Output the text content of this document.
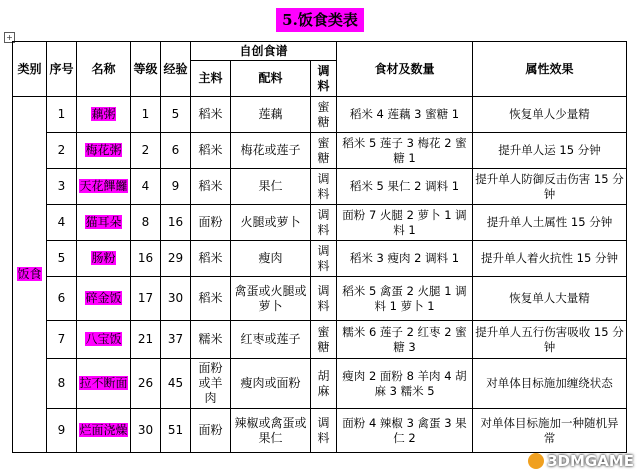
+
5.饭食类表
类别	序号	名称	等级	经验	自创食谱			食材及数量	属性效果
					主料	配料	调料		
饭食	1	藕粥	1	5	稻米	莲藕	蜜糖	稻米 4 莲藕 3 蜜糖 1	恢复单人少量精
	2	梅花粥	2	6	稻米	梅花或莲子	蜜糖	稻米 5 莲子 3 梅花 2 蜜糖 1	提升单人运 15 分钟
	3	天花饆饠	4	9	稻米	果仁	调料	稻米 5 果仁 2 调料 1	提升单人防御反击伤害 15 分钟
	4	猫耳朵	8	16	面粉	火腿或萝卜	调料	面粉 7 火腿 2 萝卜 1 调料 1	提升单人土属性 15 分钟
	5	肠粉	16	29	稻米	瘦肉	调料	稻米 3 瘦肉 2 调料 1	提升单人着火抗性 15 分钟
	6	碎金饭	17	30	稻米	禽蛋或火腿或萝卜	调料	稻米 5 禽蛋 2 火腿 1 调料 1 萝卜 1	恢复单人大量精
	7	八宝饭	21	37	糯米	红枣或莲子	蜜糖	糯米 6 莲子 2 红枣 2 蜜糖 3	提升单人五行伤害吸收 15 分钟
	8	拉不断面	26	45	面粉或羊肉	瘦肉或面粉	胡麻	瘦肉 2 面粉 8 羊肉 4 胡麻 3 糯米 5	对单体目标施加缠绕状态
	9	烂面浇燥	30	51	面粉	辣椒或禽蛋或果仁	调料	面粉 4 辣椒 3 禽蛋 3 果仁 2	对单体目标施加一种随机异常
3DMGAME
